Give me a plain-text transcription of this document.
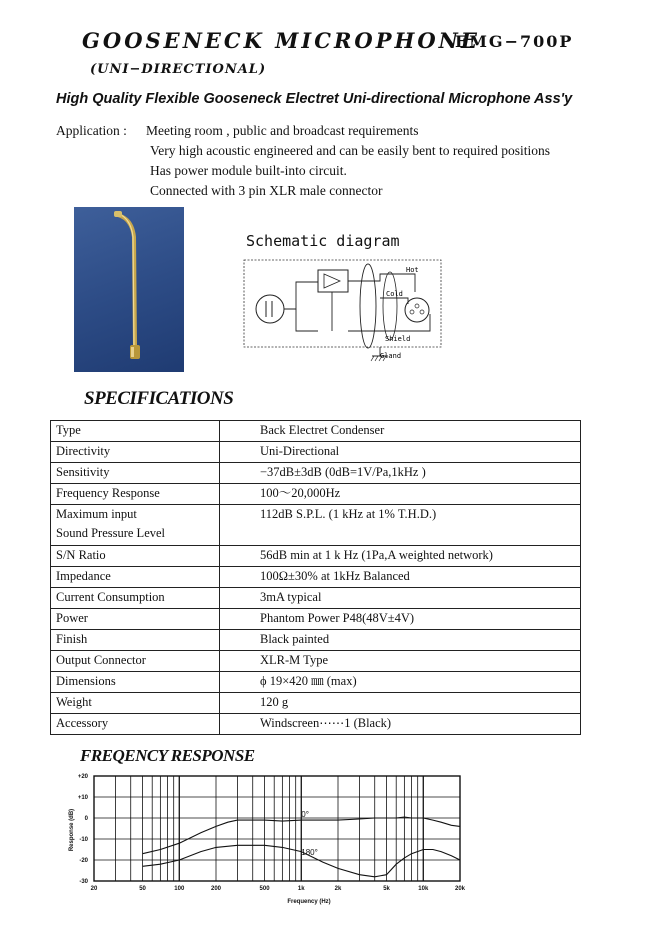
GOOSENECK MICROPHONE
EMG−700P
(UNI−DIRECTIONAL)
High Quality Flexible Gooseneck Electret Uni-directional Microphone Ass'y
Application : Meeting room , public and broadcast requirements
Very high acoustic engineered and can be easily bent to required positions
Has power module built-into circuit.
Connected with 3 pin XLR male connector
Schematic diagram
Hot
Cold
Shield
Gland
SPECIFICATIONS
Type	Back Electret Condenser
Directivity	Uni-Directional
Sensitivity	−37dB±3dB (0dB=1V/Pa,1kHz )
Frequency Response	100〜20,000Hz

Maximum input
Sound Pressure Level	112dB S.P.L. (1 kHz at 1% T.H.D.)
S/N Ratio	56dB min at 1 k Hz (1Pa,A weighted network)
Impedance	100Ω±30% at 1kHz Balanced
Current Consumption	3mA typical
Power	Phantom Power P48(48V±4V)
Finish	Black painted
Output Connector	XLR-M Type
Dimensions	ϕ 19×420 ㎜ (max)
Weight	120 g
Accessory	Windscreen⋯⋯1 (Black)
FREQENCY RESPONSE
0°
180°
20	50	100	200	500	1k	2k	5k	10k	20k
+20
+10
0
-10
-20
-30
Frequency (Hz)
Response (dB)
